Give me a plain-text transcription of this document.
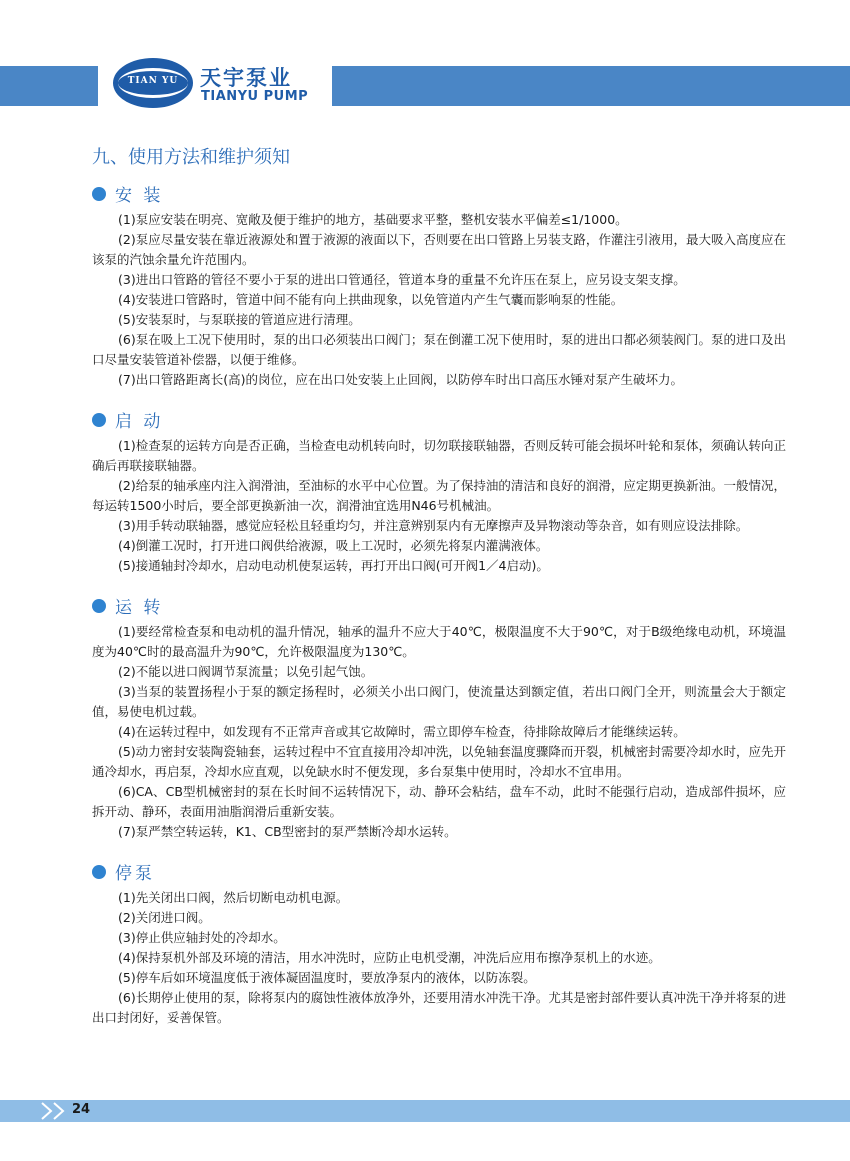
TIAN YU	天宇泵业
TIANYU PUMP
九、使用方法和维护须知
安 装

(1)泵应安装在明亮、宽敞及便于维护的地方，基础要求平整，整机安装水平偏差≤1/1000。

(2)泵应尽量安装在靠近液源处和置于液源的液面以下，否则要在出口管路上另装支路，作灌注引液用，最大吸入高度应在该泵的汽蚀余量允许范围内。

(3)进出口管路的管径不要小于泵的进出口管通径，管道本身的重量不允许压在泵上，应另设支架支撑。

(4)安装进口管路时，管道中间不能有向上拱曲现象，以免管道内产生气囊而影响泵的性能。

(5)安装泵时，与泵联接的管道应进行清理。

(6)泵在吸上工况下使用时，泵的出口必须装出口阀门；泵在倒灌工况下使用时，泵的进出口都必须装阀门。泵的进口及出口尽量安装管道补偿器，以便于维修。

(7)出口管路距离长(高)的岗位，应在出口处安装上止回阀，以防停车时出口高压水锤对泵产生破坏力。

启 动

(1)检查泵的运转方向是否正确，当检查电动机转向时，切勿联接联轴器，否则反转可能会损坏叶轮和泵体，须确认转向正确后再联接联轴器。

(2)给泵的轴承座内注入润滑油，至油标的水平中心位置。为了保持油的清洁和良好的润滑，应定期更换新油。一般情况，每运转1500小时后，要全部更换新油一次，润滑油宜选用N46号机械油。

(3)用手转动联轴器，感觉应轻松且轻重均匀，并注意辨别泵内有无摩擦声及异物滚动等杂音，如有则应设法排除。

(4)倒灌工况时，打开进口阀供给液源，吸上工况时，必须先将泵内灌满液体。

(5)接通轴封冷却水，启动电动机使泵运转，再打开出口阀(可开阀1／4启动)。

运 转

(1)要经常检查泵和电动机的温升情况，轴承的温升不应大于40℃，极限温度不大于90℃，对于B级绝缘电动机，环境温度为40℃时的最高温升为90℃，允许极限温度为130℃。

(2)不能以进口阀调节泵流量；以免引起气蚀。

(3)当泵的装置扬程小于泵的额定扬程时，必须关小出口阀门，使流量达到额定值，若出口阀门全开，则流量会大于额定值，易使电机过载。

(4)在运转过程中，如发现有不正常声音或其它故障时，需立即停车检查，待排除故障后才能继续运转。

(5)动力密封安装陶瓷轴套，运转过程中不宜直接用冷却冲洗，以免轴套温度骤降而开裂，机械密封需要冷却水时，应先开通冷却水，再启泵，冷却水应直观，以免缺水时不便发现，多台泵集中使用时，冷却水不宜串用。

(6)CA、CB型机械密封的泵在长时间不运转情况下，动、静环会粘结，盘车不动，此时不能强行启动，造成部件损坏，应拆开动、静环，表面用油脂润滑后重新安装。

(7)泵严禁空转运转，K1、CB型密封的泵严禁断冷却水运转。

停泵

(1)先关闭出口阀，然后切断电动机电源。

(2)关闭进口阀。

(3)停止供应轴封处的冷却水。

(4)保持泵机外部及环境的清洁，用水冲洗时，应防止电机受潮，冲洗后应用布擦净泵机上的水迹。

(5)停车后如环境温度低于液体凝固温度时，要放净泵内的液体，以防冻裂。

(6)长期停止使用的泵，除将泵内的腐蚀性液体放净外，还要用清水冲洗干净。尤其是密封部件要认真冲洗干净并将泵的进出口封闭好，妥善保管。

24
